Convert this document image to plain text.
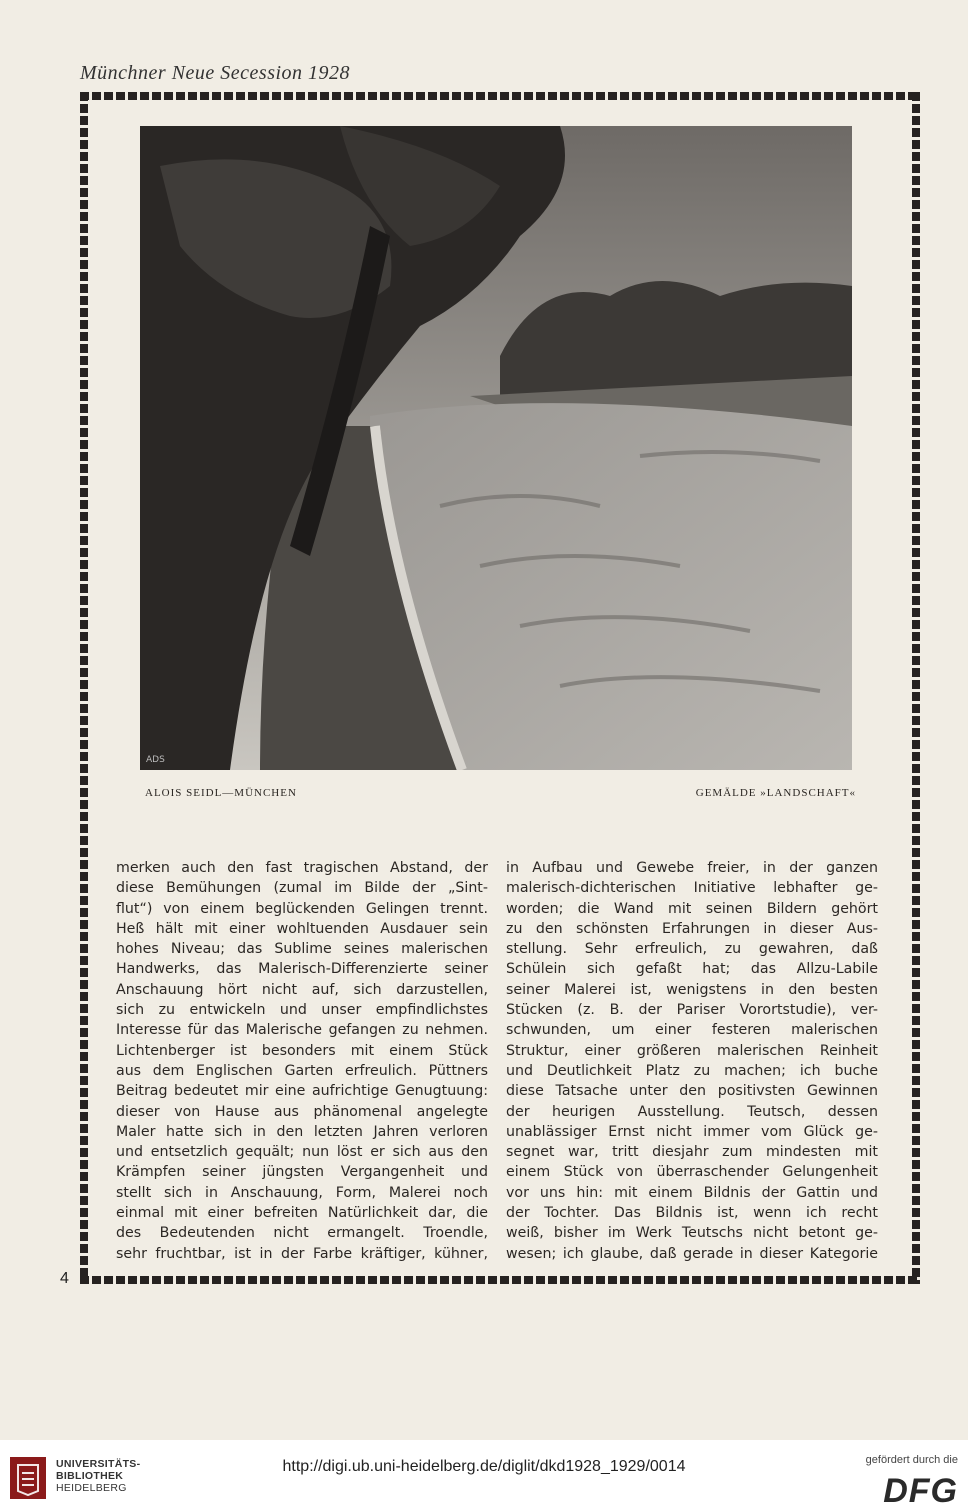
Münchner Neue Secession 1928
ADS
ALOIS SEIDL—MÜNCHEN	GEMÄLDE »LANDSCHAFT«
merken auch den fast tragischen Abstand, der
diese Bemühungen (zumal im Bilde der „Sint-
flut“) von einem beglückenden Gelingen trennt.
Heß hält mit einer wohltuenden Ausdauer sein
hohes Niveau; das Sublime seines malerischen
Handwerks, das Malerisch-Differenzierte seiner
Anschauung hört nicht auf, sich darzustellen,
sich zu entwickeln und unser empfindlichstes
Interesse für das Malerische gefangen zu nehmen.
Lichtenberger ist besonders mit einem Stück
aus dem Englischen Garten erfreulich. Püttners
Beitrag bedeutet mir eine aufrichtige Genugtuung:
dieser von Hause aus phänomenal angelegte
Maler hatte sich in den letzten Jahren verloren
und entsetzlich gequält; nun löst er sich aus den
Krämpfen seiner jüngsten Vergangenheit und
stellt sich in Anschauung, Form, Malerei noch
einmal mit einer befreiten Natürlichkeit dar, die
des Bedeutenden nicht ermangelt. Troendle,
sehr fruchtbar, ist in der Farbe kräftiger, kühner,
in Aufbau und Gewebe freier, in der ganzen
malerisch-dichterischen Initiative lebhafter ge-
worden; die Wand mit seinen Bildern gehört
zu den schönsten Erfahrungen in dieser Aus-
stellung. Sehr erfreulich, zu gewahren, daß
Schülein sich gefaßt hat; das Allzu-Labile
seiner Malerei ist, wenigstens in den besten
Stücken (z. B. der Pariser Vorortstudie), ver-
schwunden, um einer festeren malerischen
Struktur, einer größeren malerischen Reinheit
und Deutlichkeit Platz zu machen; ich buche
diese Tatsache unter den positivsten Gewinnen
der heurigen Ausstellung. Teutsch, dessen
unablässiger Ernst nicht immer vom Glück ge-
segnet war, tritt diesjahr zum mindesten mit
einem Stück von überraschender Gelungenheit
vor uns hin: mit einem Bildnis der Gattin und
der Tochter. Das Bildnis ist, wenn ich recht
weiß, bisher im Werk Teutschs nicht betont ge-
wesen; ich glaube, daß gerade in dieser Kategorie
4
UNIVERSITÄTS-
BIBLIOTHEK
HEIDELBERG
http://digi.ub.uni-heidelberg.de/diglit/dkd1928_1929/0014	gefördert durch die
DFG
